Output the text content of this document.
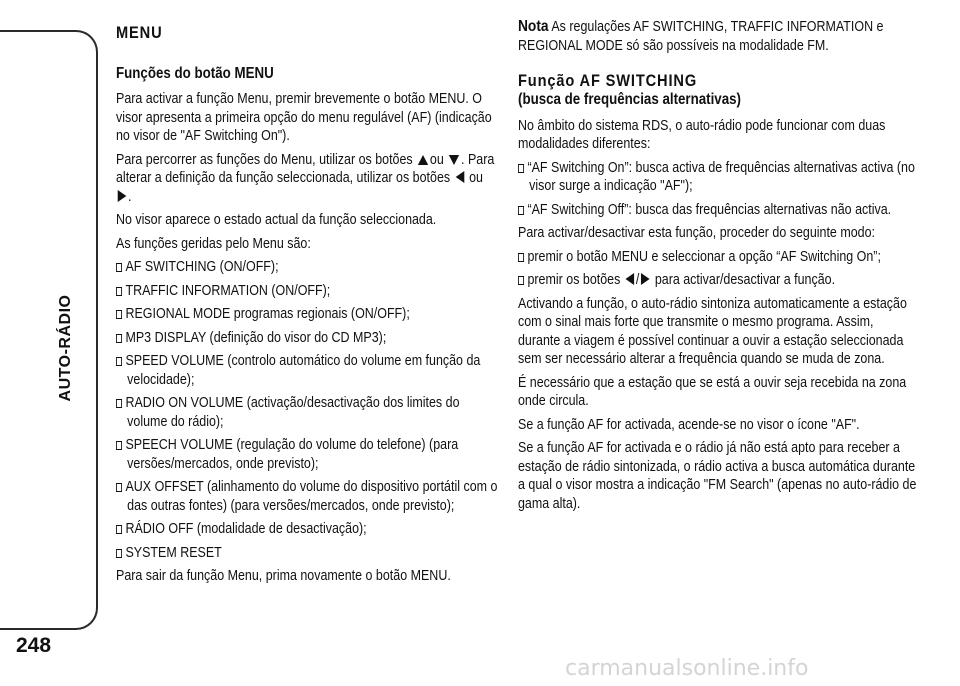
AUTO-RÁDIO
248
carmanualsonline.info
MENU
Funções do botão MENU

Para activar a função Menu, premir brevemente o botão MENU. O visor apresenta a primeira opção do menu regulável (AF) (indicação no visor de "AF Switching On").

Para percorrer as funções do Menu, utilizar os botões ou . Para alterar a definição da função seleccionada, utilizar os botões ou .

No visor aparece o estado actual da função seleccionada.

As funções geridas pelo Menu são:

AF SWITCHING (ON/OFF);
TRAFFIC INFORMATION (ON/OFF);
REGIONAL MODE programas regionais (ON/OFF);
MP3 DISPLAY (definição do visor do CD MP3);
SPEED VOLUME (controlo automático do volume em função da velocidade);
RADIO ON VOLUME (activação/desactivação dos limites do volume do rádio);
SPEECH VOLUME (regulação do volume do telefone) (para versões/mercados, onde previsto);
AUX OFFSET (alinhamento do volume do dispositivo portátil com o das outras fontes) (para versões/mercados, onde previsto);
RÁDIO OFF (modalidade de desactivação);
SYSTEM RESET

Para sair da função Menu, prima novamente o botão MENU.

Nota As regulações AF SWITCHING, TRAFFIC INFORMATION e REGIONAL MODE só são possíveis na modalidade FM.

Função AF SWITCHING
(busca de frequências alternativas)

No âmbito do sistema RDS, o auto-rádio pode funcionar com duas modalidades diferentes:

“AF Switching On”: busca activa de frequências alternativas activa (no visor surge a indicação "AF");
“AF Switching Off”: busca das frequências alternativas não activa.

Para activar/desactivar esta função, proceder do seguinte modo:

premir o botão MENU e seleccionar a opção “AF Switching On”;
premir os botões / para activar/desactivar a função.

Activando a função, o auto-rádio sintoniza automaticamente a estação com o sinal mais forte que transmite o mesmo programa. Assim, durante a viagem é possível continuar a ouvir a estação seleccionada sem ser necessário alterar a frequência quando se muda de zona.

É necessário que a estação que se está a ouvir seja recebida na zona onde circula.

Se a função AF for activada, acende-se no visor o ícone "AF".

Se a função AF for activada e o rádio já não está apto para receber a estação de rádio sintonizada, o rádio activa a busca automática durante a qual o visor mostra a indicação "FM Search" (apenas no auto-rádio de gama alta).
